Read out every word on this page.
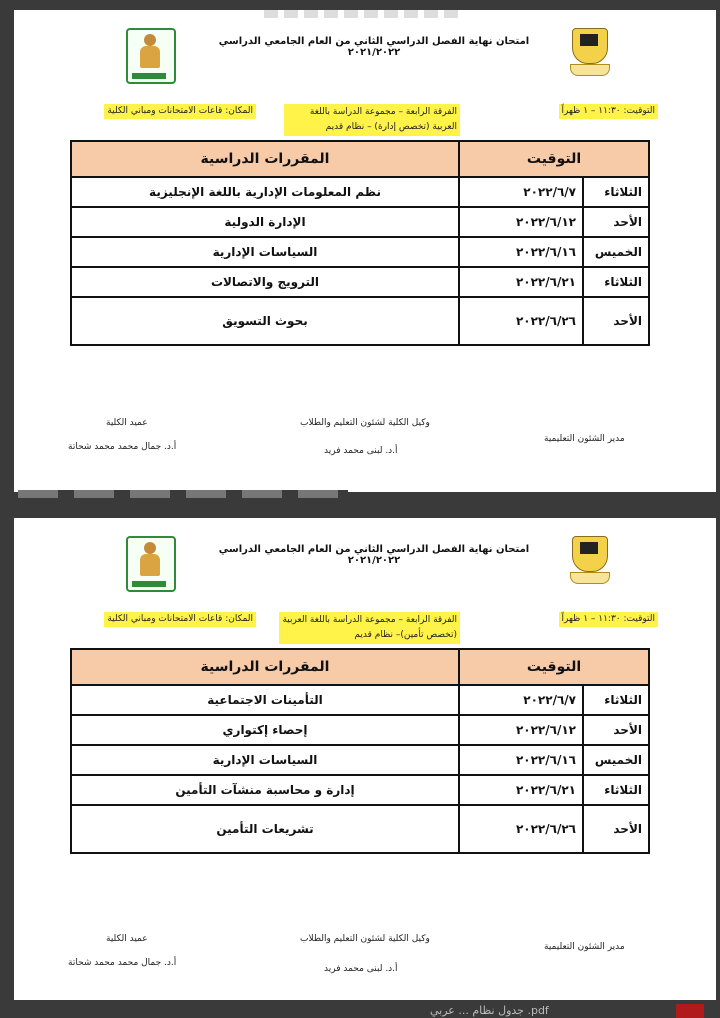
امتحان نهاية الفصل الدراسي الثاني من العام الجامعي الدراسي ٢٠٢١/٢٠٢٢
التوقيت: ١١:٣٠ – ١ ظهراً
الفرقة الرابعة – مجموعة الدراسة باللغة العربية (تخصص إدارة) – نظام قديم
المكان: قاعات الامتحانات ومباني الكلية
التوقيت		المقررات الدراسية
الثلاثاء	٢٠٢٢/٦/٧	نظم المعلومات الإدارية باللغة الإنجليزية
الأحد	٢٠٢٢/٦/١٢	الإدارة الدولية
الخميس	٢٠٢٢/٦/١٦	السياسات الإدارية
الثلاثاء	٢٠٢٢/٦/٢١	الترويج والاتصالات
الأحد	٢٠٢٢/٦/٢٦	بحوث التسويق
عميد الكلية
أ.د. جمال محمد محمد شحاتة
وكيل الكلية لشئون التعليم والطلاب
أ.د. لبنى محمد فريد
مدير الشئون التعليمية
امتحان نهاية الفصل الدراسي الثاني من العام الجامعي الدراسي ٢٠٢١/٢٠٢٢
التوقيت: ١١:٣٠ – ١ ظهراً
الفرقة الرابعة – مجموعة الدراسة باللغة العربية (تخصص تأمين)– نظام قديم
المكان: قاعات الامتحانات ومباني الكلية
التوقيت		المقررات الدراسية
الثلاثاء	٢٠٢٢/٦/٧	التأمينات الاجتماعية
الأحد	٢٠٢٢/٦/١٢	إحصاء إكتواري
الخميس	٢٠٢٢/٦/١٦	السياسات الإدارية
الثلاثاء	٢٠٢٢/٦/٢١	إدارة و محاسبة منشآت التأمين
الأحد	٢٠٢٢/٦/٢٦	تشريعات التأمين
عميد الكلية
أ.د. جمال محمد محمد شحاتة
وكيل الكلية لشئون التعليم والطلاب
أ.د. لبنى محمد فريد
مدير الشئون التعليمية
جدول نظام ... عربي .pdf
